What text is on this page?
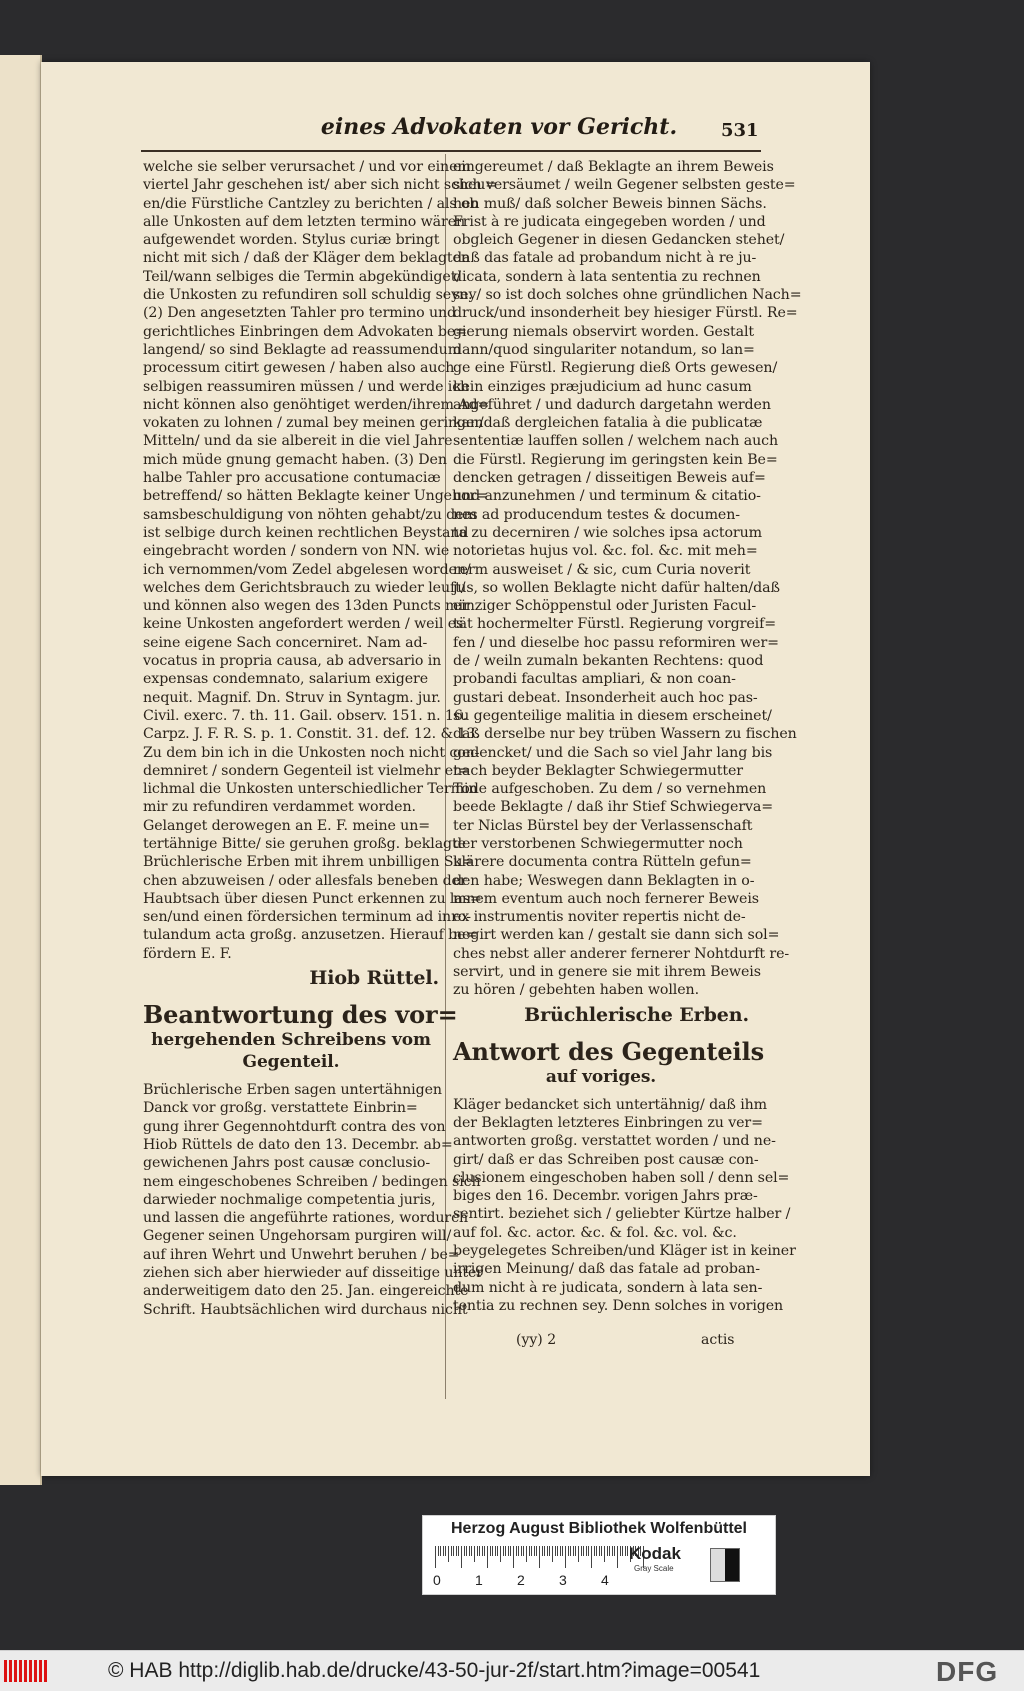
eines Advokaten vor Gericht.	531
welche sie selber verursachet / und vor einem
viertel Jahr geschehen ist/ aber sich nicht scheu=
en/die Fürstliche Cantzley zu berichten / als ob
alle Unkosten auf dem letzten termino wären
aufgewendet worden. Stylus curiæ bringt
nicht mit sich / daß der Kläger dem beklagten
Teil/wann selbiges die Termin abgekündiget/
die Unkosten zu refundiren soll schuldig seyn.
(2) Den angesetzten Tahler pro termino und
gerichtliches Einbringen dem Advokaten be=
langend/ so sind Beklagte ad reassumendum
processum citirt gewesen / haben also auch
selbigen reassumiren müssen / und werde ich
nicht können also genöhtiget werden/ihrem Ad=
vokaten zu lohnen / zumal bey meinen geringen
Mitteln/ und da sie albereit in die viel Jahre
mich müde gnung gemacht haben. (3) Den
halbe Tahler pro accusatione contumaciæ
betreffend/ so hätten Beklagte keiner Ungehor=
samsbeschuldigung von nöhten gehabt/zu dem
ist selbige durch keinen rechtlichen Beystand
eingebracht worden / sondern von NN. wie
ich vernommen/vom Zedel abgelesen worden/
welches dem Gerichtsbrauch zu wieder leuft/
und können also wegen des 13den Puncts mir
keine Unkosten angefordert werden / weil es
seine eigene Sach concerniret. Nam ad-
vocatus in propria causa, ab adversario in
expensas condemnato, salarium exigere
nequit. Magnif. Dn. Struv in Syntagm. jur.
Civil. exerc. 7. th. 11. Gail. observ. 151. n. 16.
Carpz. J. F. R. S. p. 1. Constit. 31. def. 12. & 13.
Zu dem bin ich in die Unkosten noch nicht con-
demniret / sondern Gegenteil ist vielmehr et=
lichmal die Unkosten unterschiedlicher Termin
mir zu refundiren verdammet worden.
Gelanget derowegen an E. F. meine un=
tertähnige Bitte/ sie geruhen großg. beklagte
Brüchlerische Erben mit ihrem unbilligen Su=
chen abzuweisen / oder allesfals beneben der
Haubtsach über diesen Punct erkennen zu las=
sen/und einen fördersichen terminum ad inro-
tulandum acta großg. anzusetzen. Hierauf be=
fördern E. F.
Hiob Rüttel.
Beantwortung des vor=
hergehenden Schreibens vom
Gegenteil.
Brüchlerische Erben sagen untertähnigen
Danck vor großg. verstattete Einbrin=
gung ihrer Gegennohtdurft contra des von
Hiob Rüttels de dato den 13. Decembr. ab=
gewichenen Jahrs post causæ conclusio-
nem eingeschobenes Schreiben / bedingen sich
darwieder nochmalige competentia juris,
und lassen die angeführte rationes, wordurch
Gegener seinen Ungehorsam purgiren will/
auf ihren Wehrt und Unwehrt beruhen / be=
ziehen sich aber hierwieder auf disseitige unter
anderweitigem dato den 25. Jan. eingereichte
Schrift. Haubtsächlichen wird durchaus nicht
eingereumet / daß Beklagte an ihrem Beweis
sich versäumet / weiln Gegener selbsten geste=
hen muß/ daß solcher Beweis binnen Sächs.
Frist à re judicata eingegeben worden / und
obgleich Gegener in diesen Gedancken stehet/
daß das fatale ad probandum nicht à re ju-
dicata, sondern à lata sententia zu rechnen
sey/ so ist doch solches ohne gründlichen Nach=
druck/und insonderheit bey hiesiger Fürstl. Re=
gierung niemals observirt worden. Gestalt
dann/quod singulariter notandum, so lan=
ge eine Fürstl. Regierung dieß Orts gewesen/
kein einziges præjudicium ad hunc casum
angeführet / und dadurch dargetahn werden
kan/daß dergleichen fatalia à die publicatæ
sententiæ lauffen sollen / welchem nach auch
die Fürstl. Regierung im geringsten kein Be=
dencken getragen / disseitigen Beweis auf=
und anzunehmen / und terminum & citatio-
nes ad producendum testes & documen-
ta zu decerniren / wie solches ipsa actorum
notorietas hujus vol. &c. fol. &c. mit meh=
rerm ausweiset / & sic, cum Curia noverit
jus, so wollen Beklagte nicht dafür halten/daß
einziger Schöppenstul oder Juristen Facul-
tät hochermelter Fürstl. Regierung vorgreif=
fen / und dieselbe hoc passu reformiren wer=
de / weiln zumaln bekanten Rechtens: quod
probandi facultas ampliari, & non coan-
gustari debeat. Insonderheit auch hoc pas-
su gegenteilige malitia in diesem erscheinet/
daß derselbe nur bey trüben Wassern zu fischen
gedencket/ und die Sach so viel Jahr lang bis
nach beyder Beklagter Schwiegermutter
Tode aufgeschoben. Zu dem / so vernehmen
beede Beklagte / daß ihr Stief Schwiegerva=
ter Niclas Bürstel bey der Verlassenschaft
der verstorbenen Schwiegermutter noch
klärere documenta contra Rütteln gefun=
den habe; Weswegen dann Beklagten in o-
mnem eventum auch noch fernerer Beweis
ex instrumentis noviter repertis nicht de-
negirt werden kan / gestalt sie dann sich sol=
ches nebst aller anderer fernerer Nohtdurft re-
servirt, und in genere sie mit ihrem Beweis
zu hören / gebehten haben wollen.
Brüchlerische Erben.
Antwort des Gegenteils
auf voriges.
Kläger bedancket sich untertähnig/ daß ihm
der Beklagten letzteres Einbringen zu ver=
antworten großg. verstattet worden / und ne-
girt/ daß er das Schreiben post causæ con-
clusionem eingeschoben haben soll / denn sel=
biges den 16. Decembr. vorigen Jahrs præ-
sentirt. beziehet sich / geliebter Kürtze halber /
auf fol. &c. actor. &c. & fol. &c. vol. &c.
beygelegetes Schreiben/und Kläger ist in keiner
irrigen Meinung/ daß das fatale ad proban-
dum nicht à re judicata, sondern à lata sen-
tentia zu rechnen sey. Denn solches in vorigen
(yy) 2	actis
Herzog August Bibliothek Wolfenbüttel
0 1 2 3 4
Kodak
Gray Scale
© HAB http://diglib.hab.de/drucke/43-50-jur-2f/start.htm?image=00541	DFG
